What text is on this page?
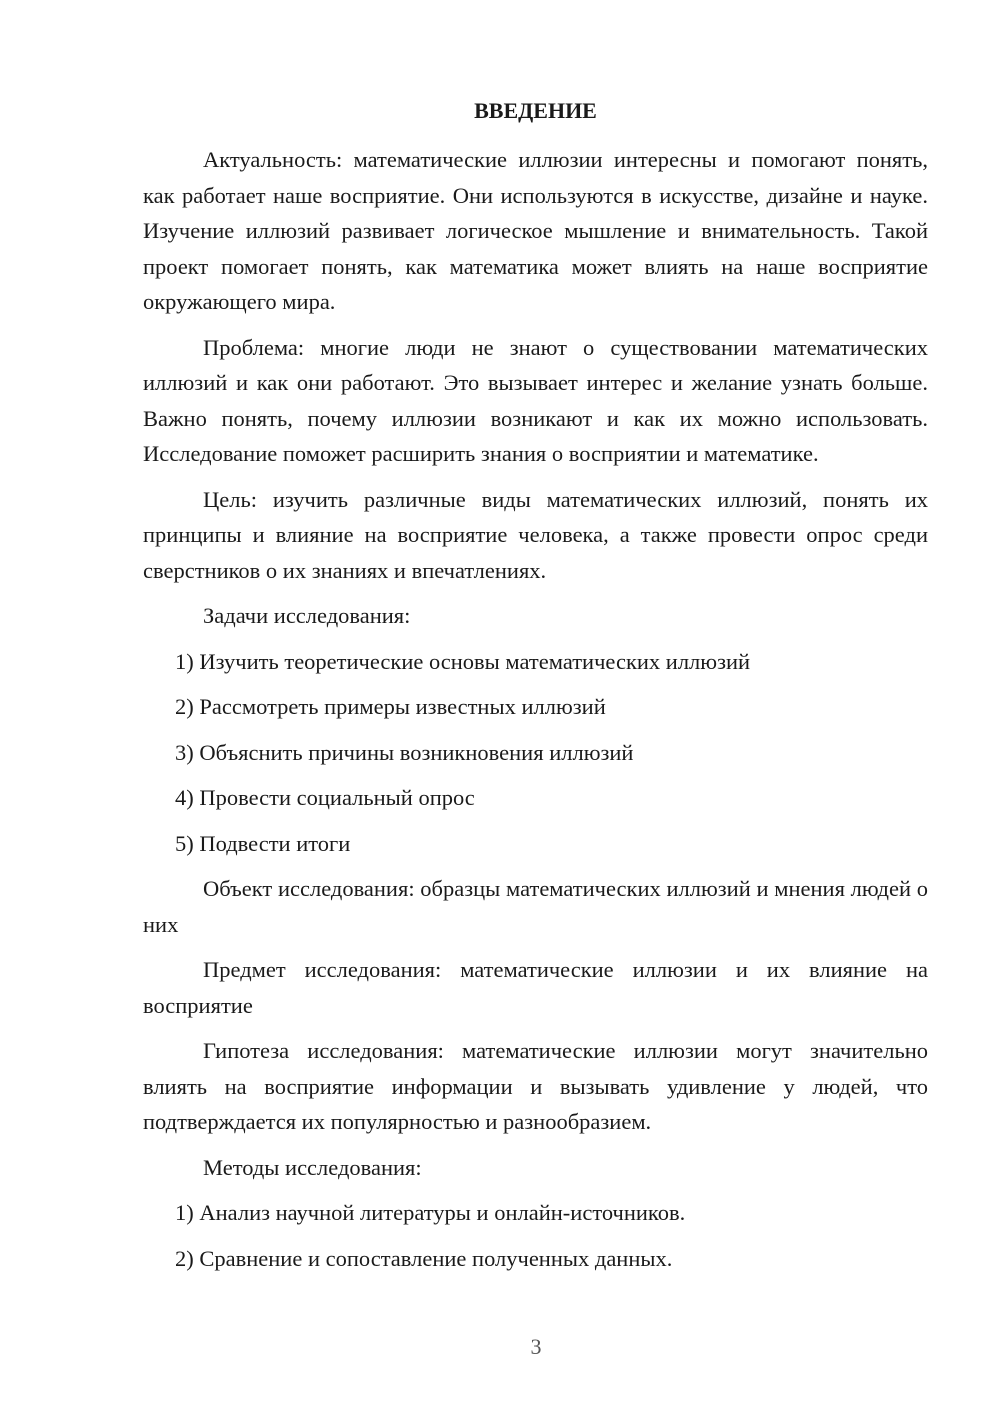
ВВЕДЕНИЕ

Актуальность: математические иллюзии интересны и помогают понять, как работает наше восприятие. Они используются в искусстве, дизайне и науке. Изучение иллюзий развивает логическое мышление и внимательность. Такой проект помогает понять, как математика может влиять на наше восприятие окружающего мира.

Проблема: многие люди не знают о существовании математических иллюзий и как они работают. Это вызывает интерес и желание узнать больше. Важно понять, почему иллюзии возникают и как их можно использовать. Исследование поможет расширить знания о восприятии и математике.

Цель: изучить различные виды математических иллюзий, понять их принципы и влияние на восприятие человека, а также провести опрос среди сверстников о их знаниях и впечатлениях.

Задачи исследования:

1) Изучить теоретические основы математических иллюзий

2) Рассмотреть примеры известных иллюзий

3) Объяснить причины возникновения иллюзий

4) Провести социальный опрос

5) Подвести итоги

Объект исследования: образцы математических иллюзий и мнения людей о них

Предмет исследования: математические иллюзии и их влияние на восприятие

Гипотеза исследования: математические иллюзии могут значительно влиять на восприятие информации и вызывать удивление у людей, что подтверждается их популярностью и разнообразием.

Методы исследования:

1) Анализ научной литературы и онлайн-источников.

2) Сравнение и сопоставление полученных данных.

3
